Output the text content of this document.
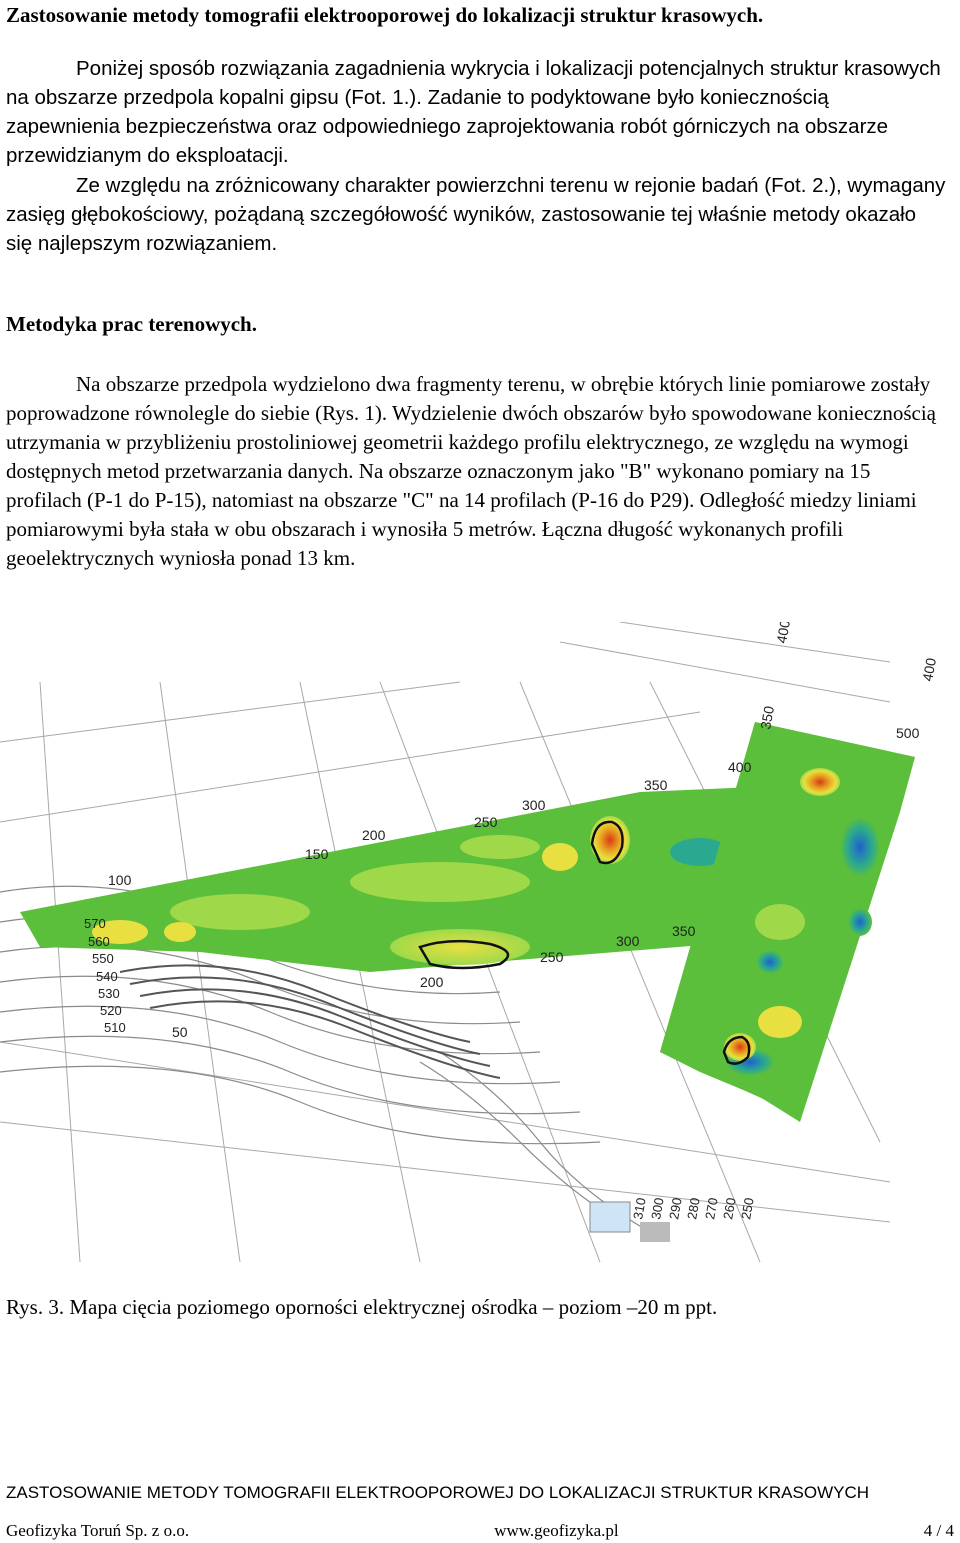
Zastosowanie metody tomografii elektrooporowej do lokalizacji struktur krasowych.
Poniżej sposób rozwiązania zagadnienia wykrycia i lokalizacji potencjalnych struktur krasowych na obszarze przedpola kopalni gipsu (Fot. 1.). Zadanie to podyktowane było koniecznością zapewnienia bezpieczeństwa oraz odpowiedniego zaprojektowania robót górniczych na obszarze przewidzianym do eksploatacji.
Ze względu na zróżnicowany charakter powierzchni terenu w rejonie badań (Fot. 2.), wymagany zasięg głębokościowy, pożądaną szczegółowość wyników, zastosowanie tej właśnie metody okazało się najlepszym rozwiązaniem.
Metodyka prac terenowych.
Na obszarze przedpola wydzielono dwa fragmenty terenu, w obrębie których linie pomiarowe zostały poprowadzone równolegle do siebie (Rys. 1). Wydzielenie dwóch obszarów było spowodowane koniecznością utrzymania w przybliżeniu prostoliniowej geometrii każdego profilu elektrycznego, ze względu na wymogi dostępnych metod przetwarzania danych. Na obszarze oznaczonym jako "B" wykonano pomiary na 15 profilach (P-1 do P-15), natomiast na obszarze "C" na 14 profilach (P-16 do P29). Odległość miedzy liniami pomiarowymi była stała w obu obszarach i wynosiła 5 metrów. Łączna długość wykonanych profili geoelektrycznych wyniosła ponad 13 km.
570
560
550
540
530
520
510	50
100
150
200
250
300
350
200
250
300
350
400
400
350
400
500
310 300 290 280 270 260 250
Rys. 3. Mapa cięcia poziomego oporności elektrycznej ośrodka – poziom –20 m ppt.
ZASTOSOWANIE METODY TOMOGRAFII ELEKTROOPOROWEJ DO LOKALIZACJI STRUKTUR KRASOWYCH
Geofizyka Toruń Sp. z o.o.	www.geofizyka.pl	4 / 4
